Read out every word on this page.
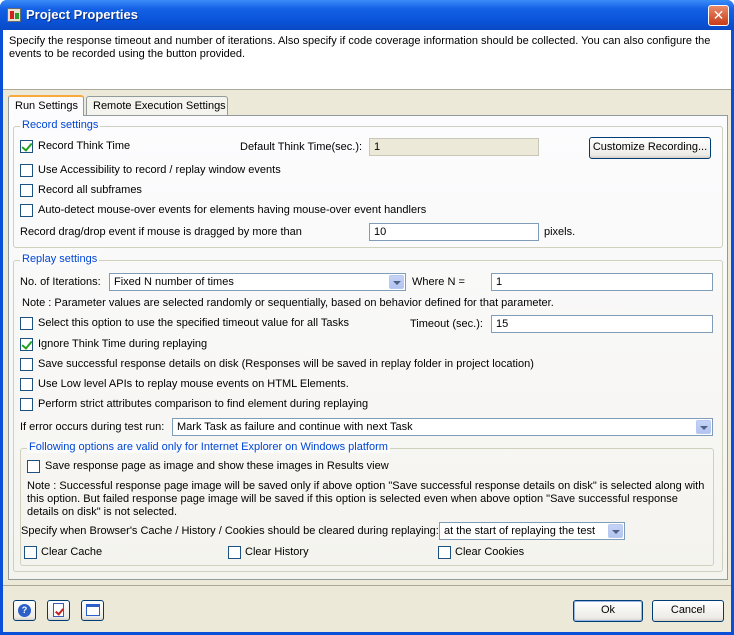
Project Properties	✕
Specify the response timeout and number of iterations. Also specify if code coverage information should be collected. You can also configure the events to be recorded using the button provided.
Run Settings	Remote Execution Settings
Record settings
Record Think Time	Default Think Time(sec.):	1	Customize Recording...
Use Accessibility to record / replay window events
Record all subframes
Auto-detect mouse-over events for elements having mouse-over event handlers
Record drag/drop event if mouse is dragged by more than	10	pixels.
Replay settings
No. of Iterations:	Fixed N number of times	Where N =	1
Note : Parameter values are selected randomly or sequentially, based on behavior defined for that parameter.
Select this option to use the specified timeout value for all Tasks	Timeout (sec.):	15
Ignore Think Time during replaying
Save successful response details on disk (Responses will be saved in replay folder in project location)
Use Low level APIs to replay mouse events on HTML Elements.
Perform strict attributes comparison to find element during replaying
If error occurs during test run:	Mark Task as failure and continue with next Task
Following options are valid only for Internet Explorer on Windows platform
Save response page as image and show these images in Results view
Note : Successful response page image will be saved only if above option "Save successful response details on disk" is selected along with this option. But failed response page image will be saved if this option is selected even when above option "Save successful response details on disk" is not selected.
Specify when Browser's Cache / History / Cookies should be cleared during replaying: at the start of replaying the test
Clear Cache	Clear History	Clear Cookies
?	Ok	Cancel
